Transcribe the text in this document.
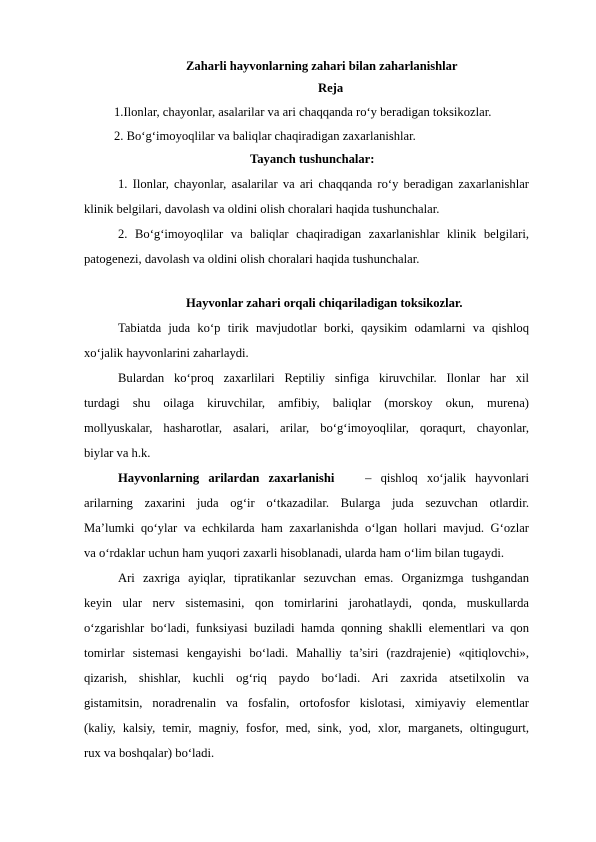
Zaharli hayvonlarning zahari bilan zaharlanishlar
Reja
1.Ilonlar, chayonlar, asalarilar va ari chaqqanda ro‘y beradigan toksikozlar.
2. Bo‘g‘imoyoqlilar va baliqlar chaqiradigan zaxarlanishlar.
Tayanch tushunchalar:
1. Ilonlar, chayonlar, asalarilar va ari chaqqanda ro‘y beradigan zaxarlanishlar
klinik belgilari, davolash va oldini olish choralari haqida tushunchalar.
2. Bo‘g‘imoyoqlilar va baliqlar chaqiradigan zaxarlanishlar klinik belgilari,
patogenezi, davolash va oldini olish choralari haqida tushunchalar.
Hayvonlar zahari orqali chiqariladigan toksikozlar.
Tabiatda juda ko‘p tirik mavjudotlar borki, qaysikim odamlarni va qishloq
xo‘jalik hayvonlarini zaharlaydi.
Bulardan ko‘proq zaxarlilari Reptiliy sinfiga kiruvchilar. Ilonlar har xil
turdagi shu oilaga kiruvchilar, amfibiy, baliqlar (morskoy okun, murena)
mollyuskalar, hasharotlar, asalari, arilar, bo‘g‘imoyoqlilar, qoraqurt, chayonlar,
biylar va h.k.
Hayvonlarning arilardan zaxarlanishi – qishloq xo‘jalik hayvonlari
arilarning zaxarini juda og‘ir o‘tkazadilar. Bularga juda sezuvchan otlardir.
Ma’lumki qo‘ylar va echkilarda ham zaxarlanishda o‘lgan hollari mavjud. G‘ozlar
va o‘rdaklar uchun ham yuqori zaxarli hisoblanadi, ularda ham o‘lim bilan tugaydi.
Ari zaxriga ayiqlar, tipratikanlar sezuvchan emas. Organizmga tushgandan
keyin ular nerv sistemasini, qon tomirlarini jarohatlaydi, qonda, muskullarda
o‘zgarishlar bo‘ladi, funksiyasi buziladi hamda qonning shaklli elementlari va qon
tomirlar sistemasi kengayishi bo‘ladi. Mahalliy ta’siri (razdrajenie) «qitiqlovchi»,
qizarish, shishlar, kuchli og‘riq paydo bo‘ladi. Ari zaxrida atsetilxolin va
gistamitsin, noradrenalin va fosfalin, ortofosfor kislotasi, ximiyaviy elementlar
(kaliy, kalsiy, temir, magniy, fosfor, med, sink, yod, xlor, marganets, oltingugurt,
rux va boshqalar) bo‘ladi.
